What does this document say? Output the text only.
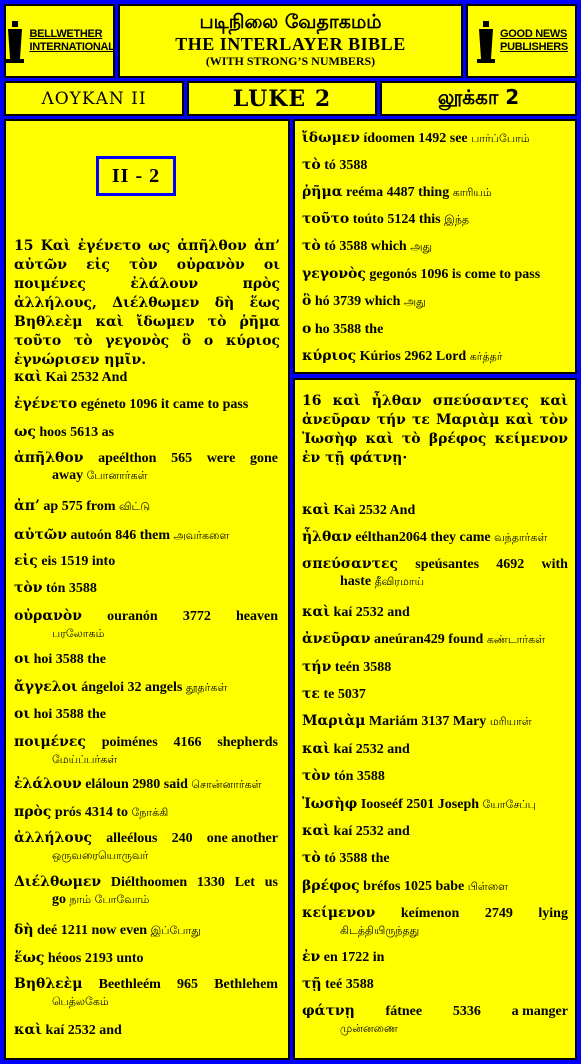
BELLWETHER
INTERNATIONAL
படிநிலை வேதாகமம்
THE INTERLAYER BIBLE
(WITH STRONG’S NUMBERS)
GOOD NEWS
PUBLISHERS
ΛΟΥΚΑΝ ΙΙ	LUKE 2	லூக்கா 2
II - 2
15 Καὶ ἐγένετο ως ἀπῆλθον ἀπ’ αὐτῶν εἰς τὸν οὐρανὸν οι ποιμένες ἐλάλουν πρὸς ἀλλήλους, Διέλθωμεν δὴ ἕως Βηθλεὲμ καὶ ἴδωμεν τὸ ῥῆμα τοῦτο τὸ γεγονὸς ὃ ο κύριος ἐγνώρισεν ημῖν.
καὶ Kaì 2532 And
ἐγένετο egéneto 1096 it came to pass
ως hoos 5613 as
ἀπῆλθον apeélthon 565 were gone
away போனார்கள்
ἀπ’ ap 575 from விட்டு
αὐτῶν autoón 846 them அவர்களை
εἰς eis 1519 into
τὸν tón 3588
οὐρανὸν ouranón 3772 heaven
பரலோகம்
οι hoi 3588 the
ἄγγελοι ángeloi 32 angels தூதர்கள்
οι hoi 3588 the
ποιμένες poiménes 4166 shepherds
மேய்ப்பர்கள்
ἐλάλουν eláloun 2980 said சொன்னார்கள்
πρὸς prós 4314 to நோக்கி
ἀλλήλους alleélous 240 one another
ஒருவரையொருவர்
Διέλθωμεν Diélthoomen 1330 Let us
go நாம் போவோம்
δὴ deé 1211 now even இப்போது
ἕως héoos 2193 unto
Βηθλεὲμ Beethleém 965 Bethlehem
பெத்லகேம்
καὶ kaí 2532 and
ἴδωμεν ídoomen 1492 see பார்ப்போம்
τὸ tó 3588
ῥῆμα reéma 4487 thing காரியம்
τοῦτο toúto 5124 this இந்த
τὸ tó 3588 which அது
γεγονὸς gegonós 1096 is come to pass
ὃ hó 3739 which அது
ο ho 3588 the
κύριος Kúrios 2962 Lord கர்த்தர்
16 καὶ ἦλθαν σπεύσαντες καὶ ἀνεῦραν τήν τε Μαριὰμ καὶ τὸν Ἰωσὴφ καὶ τὸ βρέφος κείμενον ἐν τῇ φάτνῃ·
καὶ Kaì 2532 And
ἦλθαν eélthan2064 they came வந்தார்கள்
σπεύσαντες speúsantes 4692 with
haste தீவிரமாய்
καὶ kaí 2532 and
ἀνεῦραν aneúran429 found கண்டார்கள்
τήν teén 3588
τε te 5037
Μαριὰμ Mariám 3137 Mary மரியாள்
καὶ kaí 2532 and
τὸν tón 3588
Ἰωσὴφ Iooseéf 2501 Joseph யோசேப்பு
καὶ kaí 2532 and
τὸ tó 3588 the
βρέφος bréfos 1025 babe பிள்ளை
κείμενον keímenon 2749 lying
கிடத்தியிருந்தது
ἐν en 1722 in
τῇ teé 3588
φάτνῃ fátnee 5336 a manger
முன்னணை
